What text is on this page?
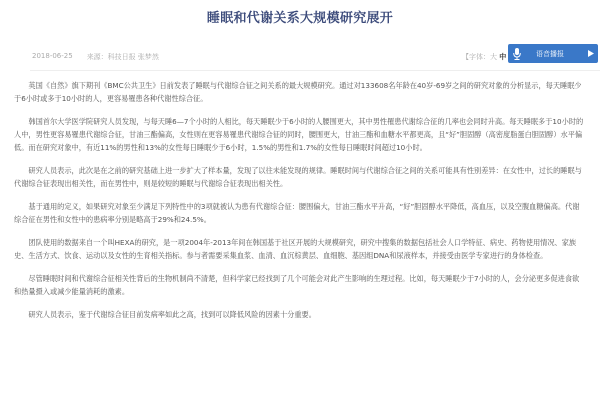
睡眠和代谢关系大规模研究展开
2018-06-25 来源：科技日报 张梦然	【字体：大 中	语音播报

英国《自然》旗下期刊《BMC公共卫生》日前发表了睡眠与代谢综合征之间关系的最大规模研究。通过对133608名年龄在40岁-69岁之间的研究对象的分析显示，每天睡眠少于6小时或多于10小时的人，更容易罹患各种代谢性综合征。

韩国首尔大学医学院研究人员发现，与每天睡6—7个小时的人相比，每天睡眠少于6小时的人腰围更大，其中男性罹患代谢综合征的几率也会同时升高。每天睡眠多于10小时的人中，男性更容易罹患代谢综合征，甘油三酯偏高，女性则在更容易罹患代谢综合征的同时，腰围更大，甘油三酯和血糖水平都更高，且“好”胆固醇（高密度脂蛋白胆固醇）水平偏低。而在研究对象中，有近11%的男性和13%的女性每日睡眠少于6小时，1.5%的男性和1.7%的女性每日睡眠时间超过10小时。

研究人员表示，此次是在之前的研究基础上进一步扩大了样本量，发现了以往未能发现的规律。睡眠时间与代谢综合征之间的关系可能具有性别差异：在女性中，过长的睡眠与代谢综合征表现出相关性，而在男性中，则是较短的睡眠与代谢综合征表现出相关性。

基于通用的定义，如果研究对象至少满足下列特性中的3项就被认为患有代谢综合征：腰围偏大，甘油三酯水平升高，“好”胆固醇水平降低，高血压，以及空腹血糖偏高。代谢综合征在男性和女性中的患病率分别是略高于29%和24.5%。

团队使用的数据来自一个叫HEXA的研究，是一项2004年-2013年间在韩国基于社区开展的大规模研究，研究中搜集的数据包括社会人口学特征、病史、药物使用情况、家族史、生活方式、饮食、运动以及女性的生育相关指标。参与者需要采集血浆、血清、血沉棕黄层、血细胞、基因组DNA和尿液样本，并接受由医学专家进行的身体检查。

尽管睡眠时间和代谢综合征相关性背后的生物机制尚不清楚，但科学家已经找到了几个可能会对此产生影响的生理过程。比如，每天睡眠少于7小时的人，会分泌更多促进食欲和热量摄入或减少能量消耗的激素。

研究人员表示，鉴于代谢综合征目前发病率如此之高，找到可以降低风险的因素十分重要。
